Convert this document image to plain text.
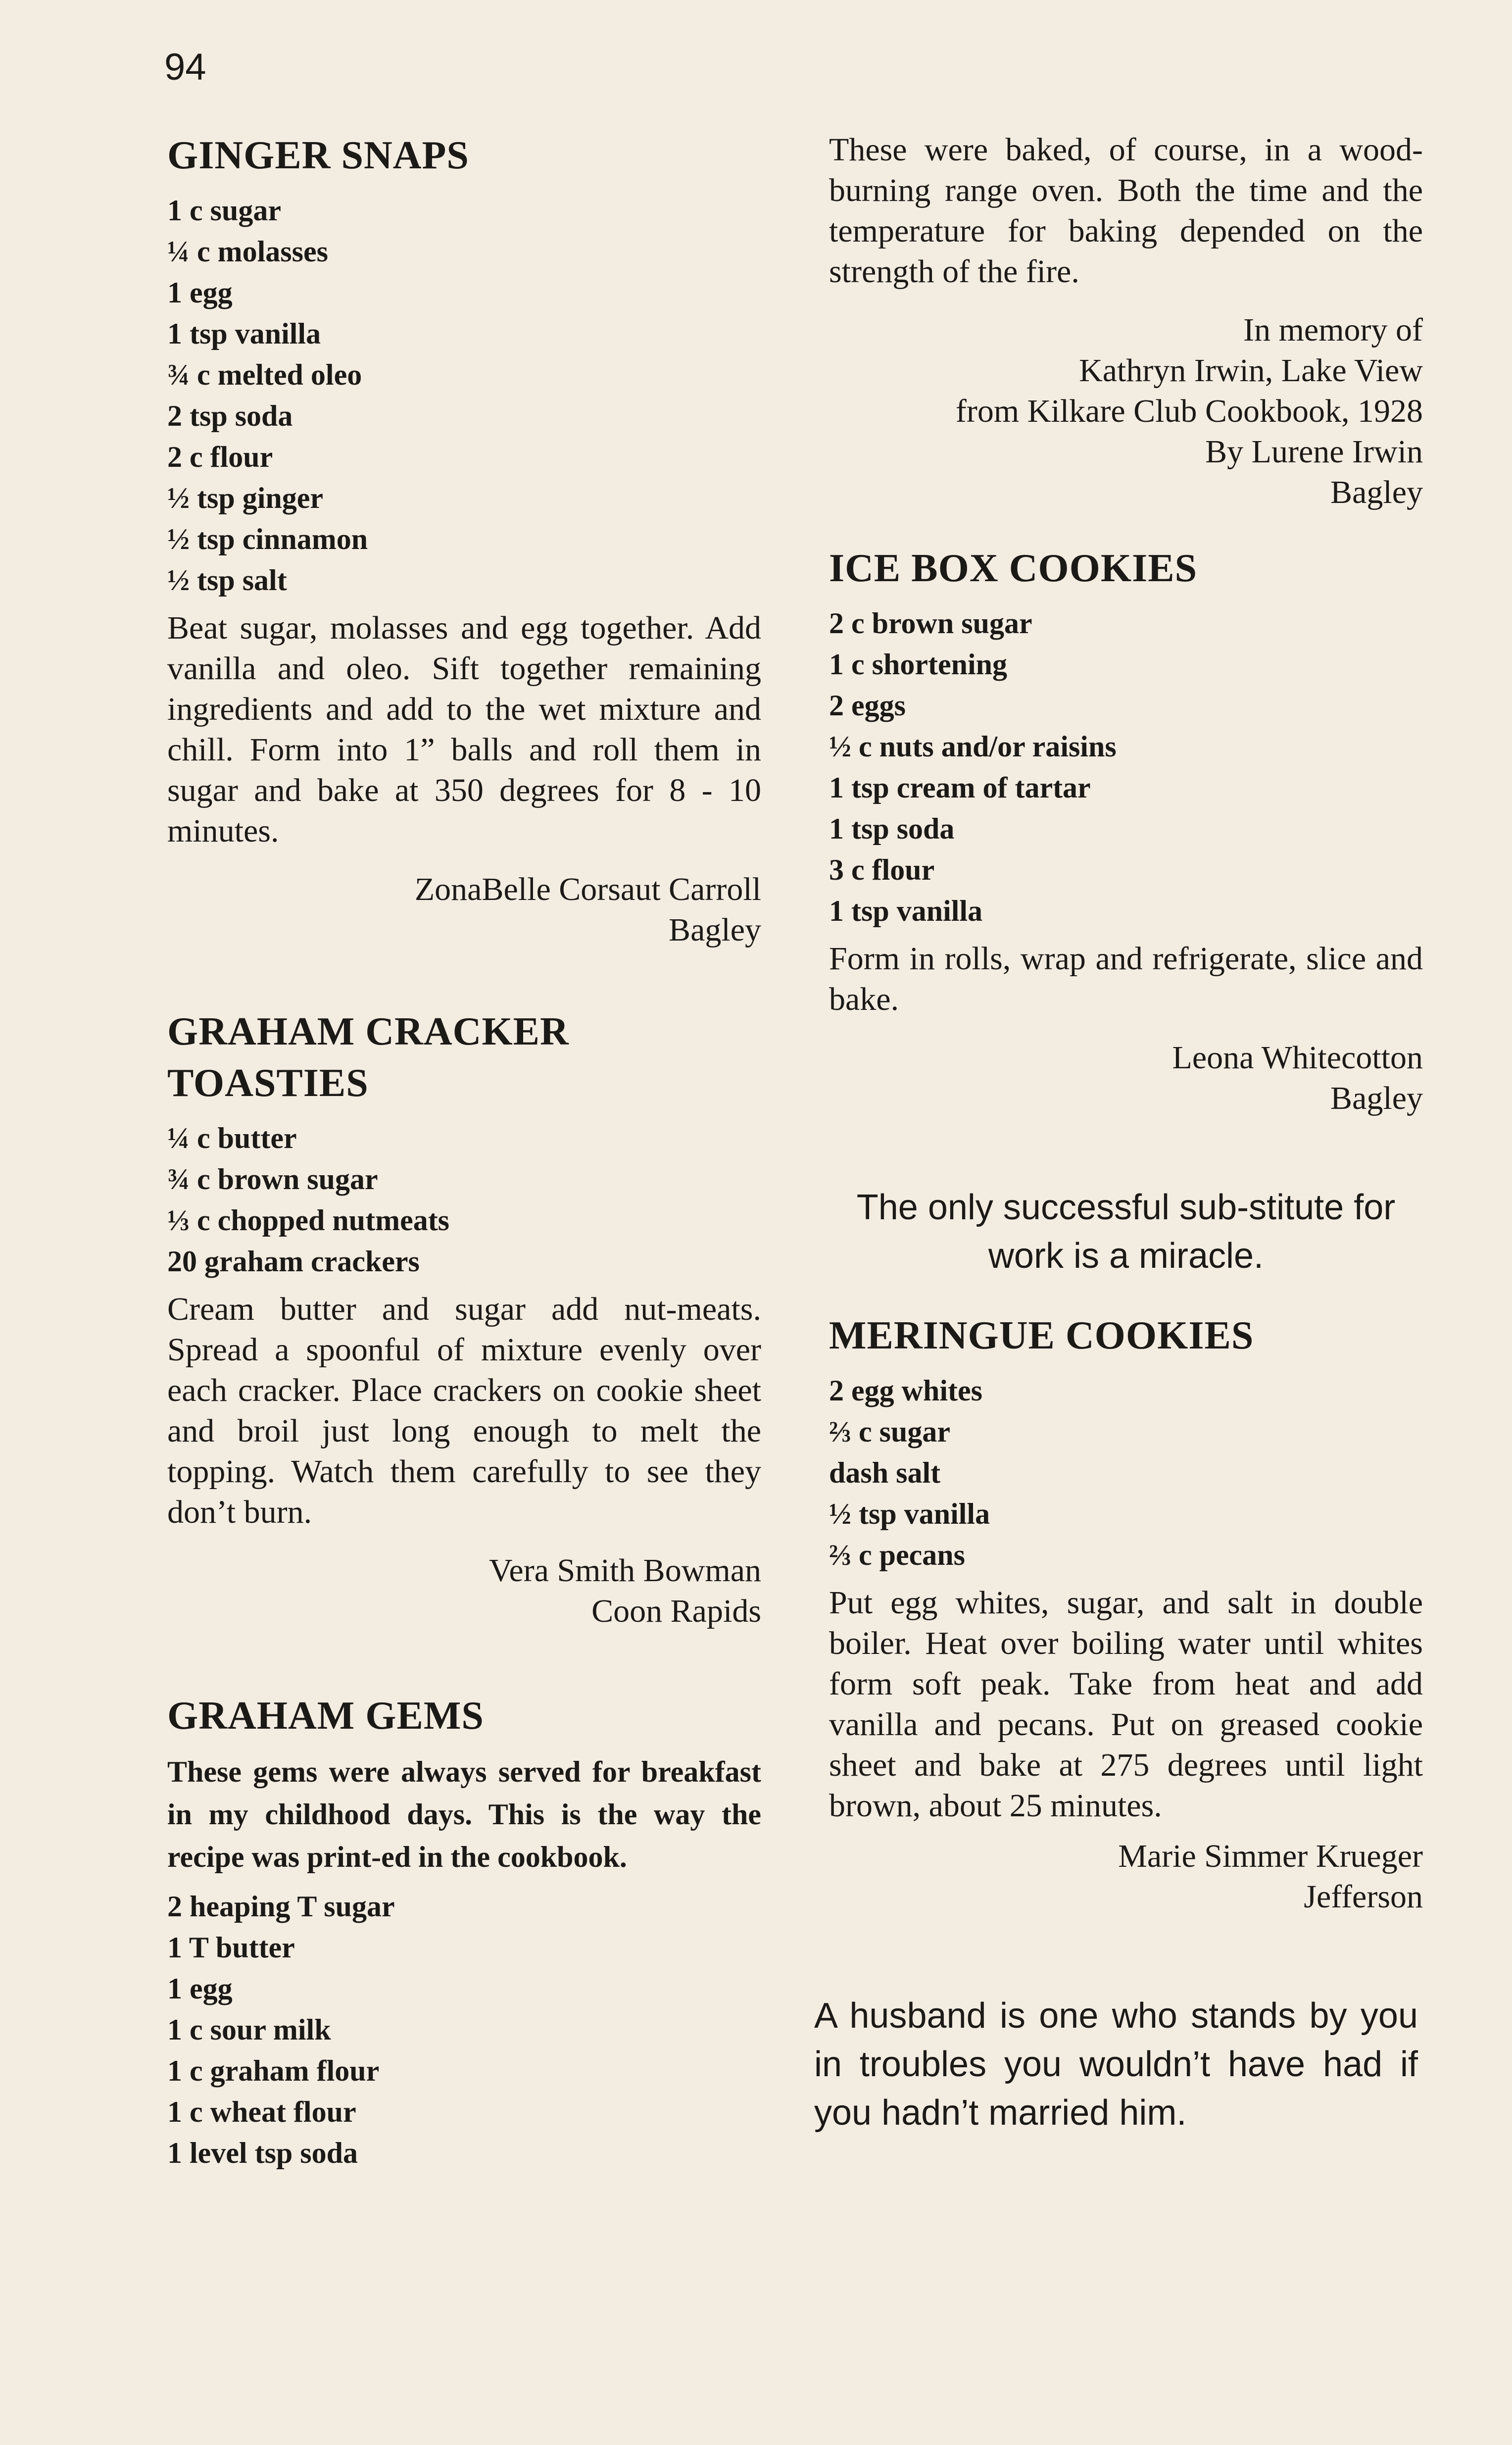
94
GINGER SNAPS
1 c sugar
¼ c molasses
1 egg
1 tsp vanilla
¾ c melted oleo
2 tsp soda
2 c flour
½ tsp ginger
½ tsp cinnamon
½ tsp salt

Beat sugar, molasses and egg together. Add vanilla and oleo. Sift together remaining ingredients and add to the wet mixture and chill. Form into 1” balls and roll them in sugar and bake at 350 degrees for 8 - 10 minutes.

ZonaBelle Corsaut Carroll
Bagley
GRAHAM CRACKER
TOASTIES
¼ c butter
¾ c brown sugar
⅓ c chopped nutmeats
20 graham crackers

Cream butter and sugar add nut-meats. Spread a spoonful of mixture evenly over each cracker. Place crackers on cookie sheet and broil just long enough to melt the topping. Watch them carefully to see they don’t burn.

Vera Smith Bowman
Coon Rapids
GRAHAM GEMS

These gems were always served for breakfast in my childhood days. This is the way the recipe was print-ed in the cookbook.

2 heaping T sugar
1 T butter
1 egg
1 c sour milk
1 c graham flour
1 c wheat flour
1 level tsp soda

These were baked, of course, in a wood-burning range oven. Both the time and the temperature for baking depended on the strength of the fire.

In memory of
Kathryn Irwin, Lake View
from Kilkare Club Cookbook, 1928
By Lurene Irwin
Bagley
ICE BOX COOKIES
2 c brown sugar
1 c shortening
2 eggs
½ c nuts and/or raisins
1 tsp cream of tartar
1 tsp soda
3 c flour
1 tsp vanilla

Form in rolls, wrap and refrigerate, slice and bake.

Leona Whitecotton
Bagley
The only successful sub-stitute for work is a miracle.
MERINGUE COOKIES
2 egg whites
⅔ c sugar
dash salt
½ tsp vanilla
⅔ c pecans

Put egg whites, sugar, and salt in double boiler. Heat over boiling water until whites form soft peak. Take from heat and add vanilla and pecans. Put on greased cookie sheet and bake at 275 degrees until light brown, about 25 minutes.

Marie Simmer Krueger
Jefferson
A husband is one who stands by you in troubles you wouldn’t have had if you hadn’t married him.
